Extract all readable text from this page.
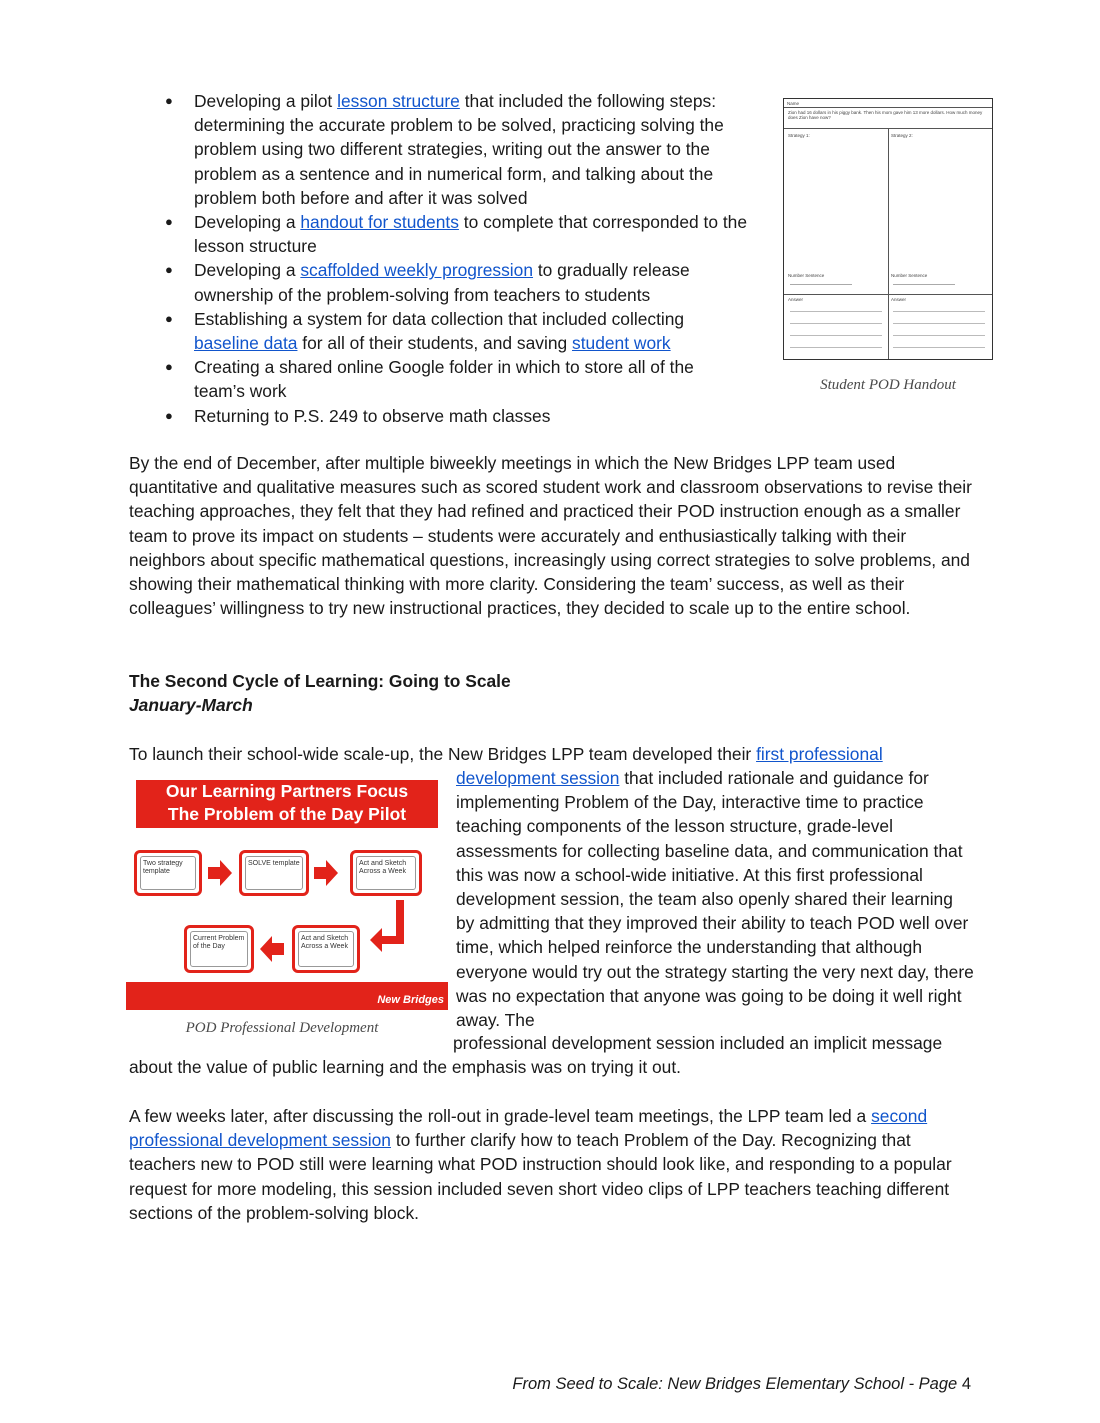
● Developing a pilot lesson structure that included the following steps: determining the accurate problem to be solved, practicing solving the problem using two different strategies, writing out the answer to the problem as a sentence and in numerical form, and talking about the problem both before and after it was solved
● Developing a handout for students to complete that corresponded to the lesson structure
● Developing a scaffolded weekly progression to gradually release ownership of the problem-solving from teachers to students
● Establishing a system for data collection that included collecting baseline data for all of their students, and saving student work
● Creating a shared online Google folder in which to store all of the team’s work
● Returning to P.S. 249 to observe math classes
Name
Zion had 16 dollars in his piggy bank. Then his mom gave him 13 more dollars. How much money does Zion have now?
Strategy 1:	Strategy 2:
Number Sentence	Number Sentence
Answer	Answer
Student POD Handout

By the end of December, after multiple biweekly meetings in which the New Bridges LPP team used quantitative and qualitative measures such as scored student work and classroom observations to revise their teaching approaches, they felt that they had refined and practiced their POD instruction enough as a smaller team to prove its impact on students – students were accurately and enthusiastically talking with their neighbors about specific mathematical questions, increasingly using correct strategies to solve problems, and showing their mathematical thinking with more clarity. Considering the team’ success, as well as their colleagues’ willingness to try new instructional practices, they decided to scale up to the entire school.

The Second Cycle of Learning: Going to Scale

January-March

To launch their school-wide scale-up, the New Bridges LPP team developed their first professional
development session that included rationale and guidance for implementing Problem of the Day, interactive time to practice teaching components of the lesson structure, grade-level assessments for collecting baseline data, and communication that this was now a school-wide initiative. At this first professional development session, the team also openly shared their learning by admitting that they improved their ability to teach POD well over time, which helped reinforce the understanding that although everyone would try out the strategy starting the very next day, there was no expectation that anyone was going to be doing it well right away. The
professional development session included an implicit message
about the value of public learning and the emphasis was on trying it out.
Our Learning Partners Focus
The Problem of the Day Pilot
Two strategy template
SOLVE template	Act and Sketch Across a Week
Current Problem of the Day
Act and Sketch Across a Week
New Bridges
POD Professional Development

A few weeks later, after discussing the roll-out in grade-level team meetings, the LPP team led a second professional development session to further clarify how to teach Problem of the Day. Recognizing that teachers new to POD still were learning what POD instruction should look like, and responding to a popular request for more modeling, this session included seven short video clips of LPP teachers teaching different sections of the problem-solving block.

From Seed to Scale: New Bridges Elementary School - Page 4
